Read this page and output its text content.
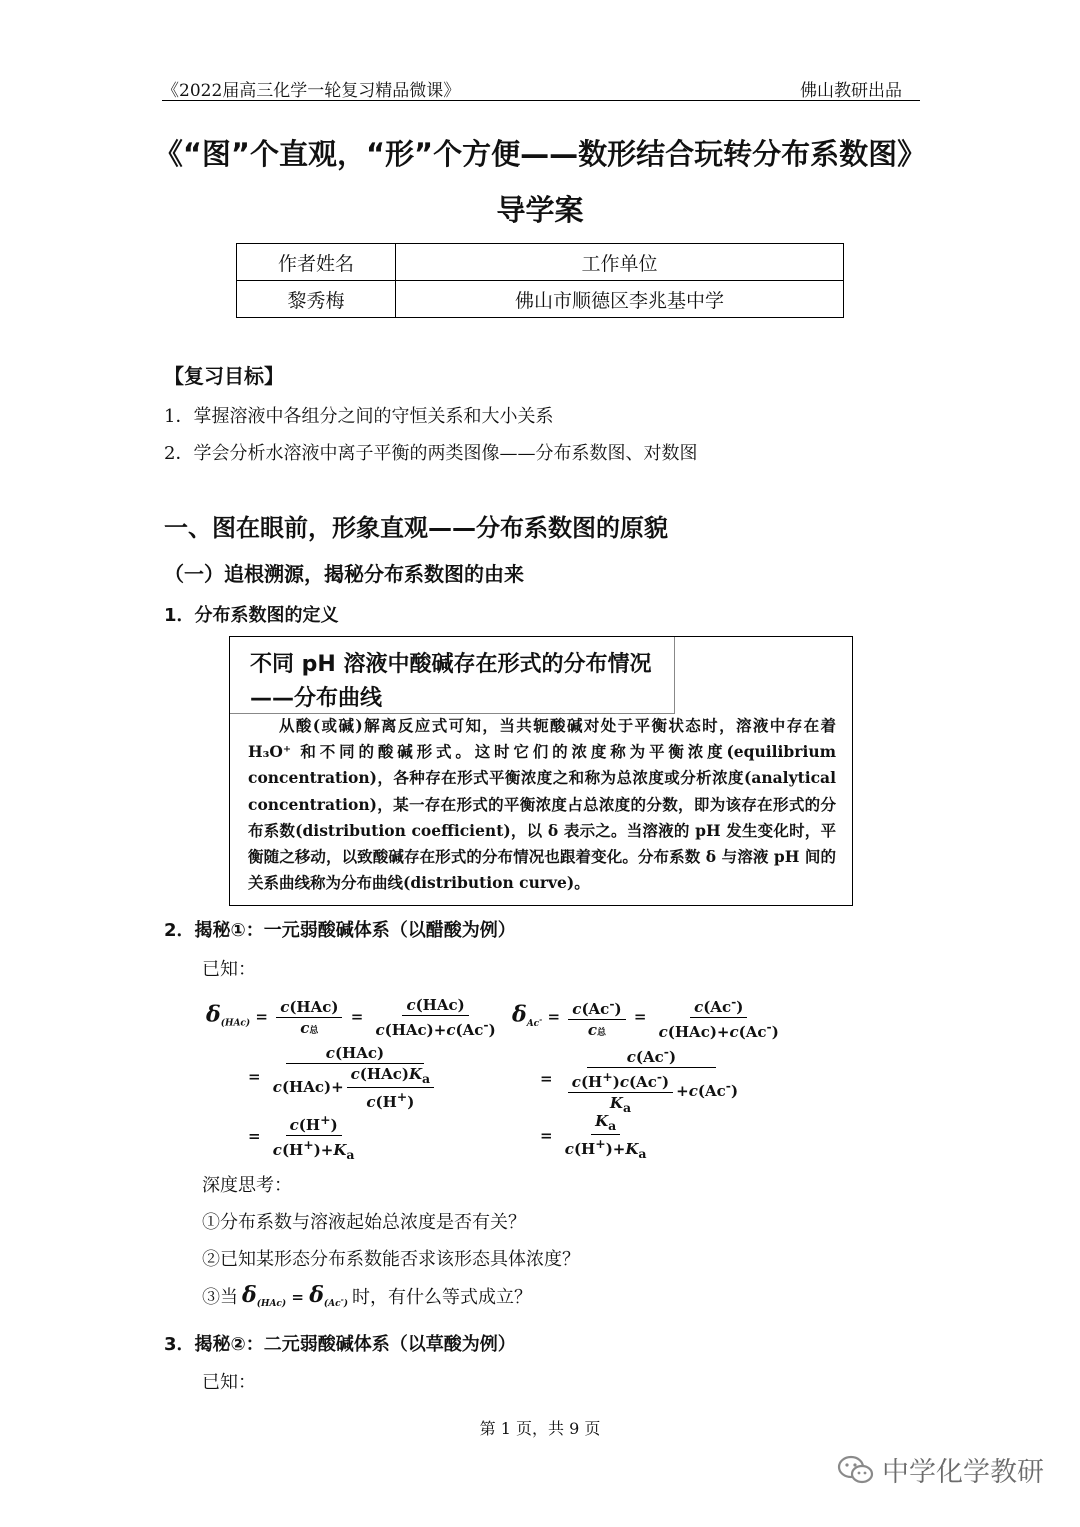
《2022届高三化学一轮复习精品微课》	佛山教研出品
《“图”个直观，“形”个方便——数形结合玩转分布系数图》
导学案
作者姓名	工作单位
黎秀梅	佛山市顺德区李兆基中学
【复习目标】
1．掌握溶液中各组分之间的守恒关系和大小关系
2．学会分析水溶液中离子平衡的两类图像——分布系数图、对数图
一、图在眼前，形象直观——分布系数图的原貌
（一）追根溯源，揭秘分布系数图的由来
1．分布系数图的定义
不同 pH 溶液中酸碱存在形式的分布情况
——分布曲线
从酸(或碱)解离反应式可知，当共轭酸碱对处于平衡状态时，溶液中存在着 H₃O⁺ 和不同的酸碱形式。这时它们的浓度称为平衡浓度(equilibrium concentration)，各种存在形式平衡浓度之和称为总浓度或分析浓度(analytical concentration)，某一存在形式的平衡浓度占总浓度的分数，即为该存在形式的分布系数(distribution coefficient)，以 δ 表示之。当溶液的 pH 发生变化时，平衡随之移动，以致酸碱存在形式的分布情况也跟着变化。分布系数 δ 与溶液 pH 间的关系曲线称为分布曲线(distribution curve)。
2．揭秘①：一元弱酸碱体系（以醋酸为例）
已知：
$\delta_{(HAc)} = \frac{\text{c(HAc)}}{\text{c总}} = \frac{\text{c(HAc)}}{c(HAc)+c(Ac^-)}$
= $\frac{\text{c(HAc)}}{c(HAc)+ \frac{c(HAc)K_a}{c(H^+)}}$
= $\frac{c(H^+)}{c(H^+)+K_a}$
$\delta_{Ac^-} = \frac{c(Ac^-)}{\text{c总}} = \frac{c(Ac^-)}{c(HAc)+c(Ac^-)}$
= $\frac{c(Ac^-)}{\frac{c(H^+)c(Ac^-)}{K_a} +c(Ac^-)}$
= $\frac{K_a}{c(H^+)+K_a}$
深度思考：
①分布系数与溶液起始总浓度是否有关？
②已知某形态分布系数能否求该形态具体浓度？
③当 $\delta_{(HAc)} = \delta_{(Ac^-)}$ 时，有什么等式成立？
3．揭秘②：二元弱酸碱体系（以草酸为例）
已知：
第 1 页，共 9 页
中学化学教研
